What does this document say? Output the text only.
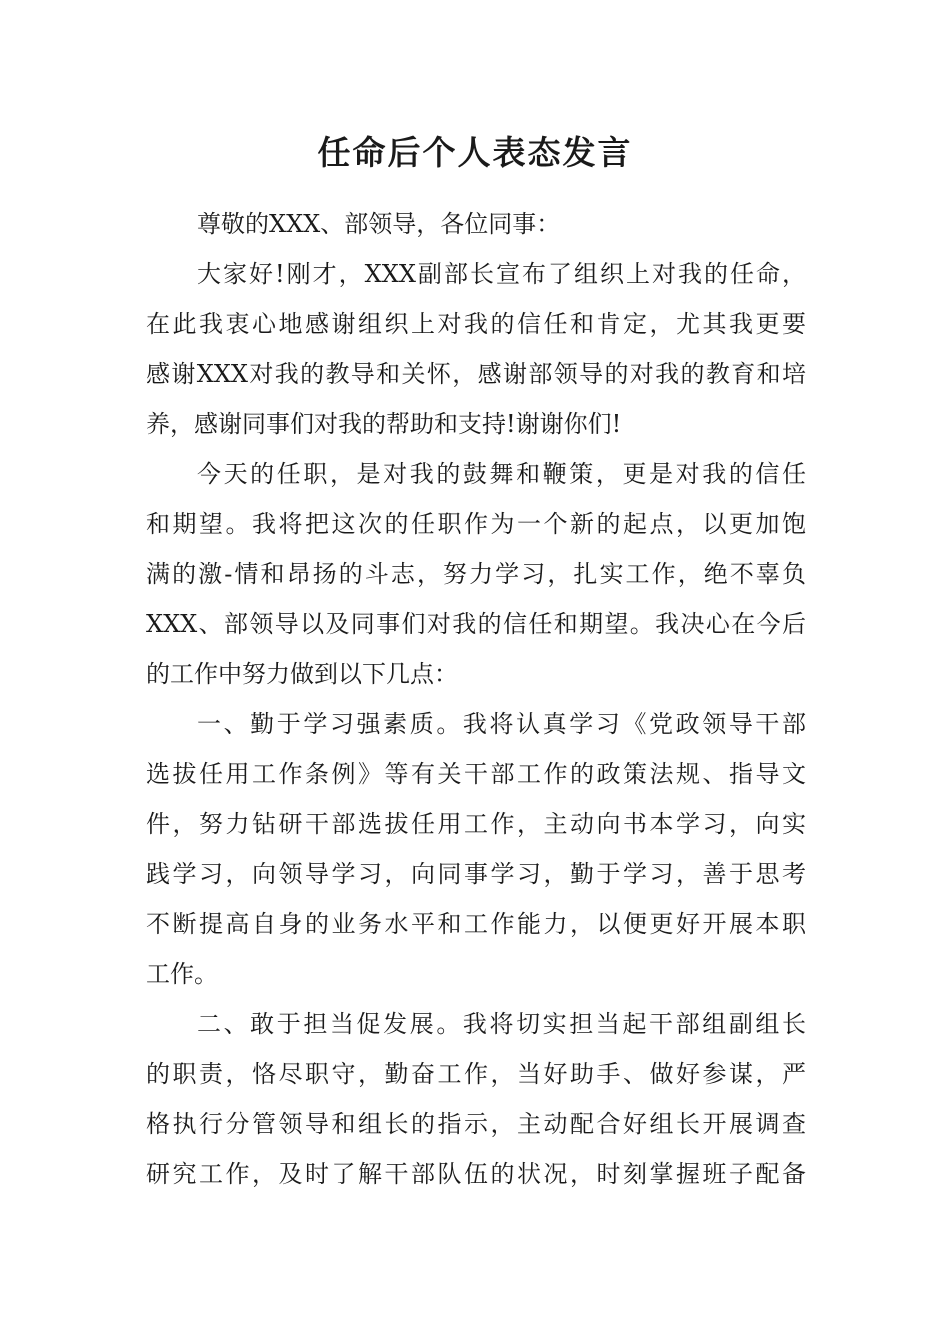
任命后个人表态发言
尊敬的XXX、部领导，各位同事：
大家好!刚才，XXX副部长宣布了组织上对我的任命，
在此我衷心地感谢组织上对我的信任和肯定，尤其我更要
感谢XXX对我的教导和关怀，感谢部领导的对我的教育和培
养，感谢同事们对我的帮助和支持!谢谢你们!
今天的任职，是对我的鼓舞和鞭策，更是对我的信任
和期望。我将把这次的任职作为一个新的起点，以更加饱
满的激-情和昂扬的斗志，努力学习，扎实工作，绝不辜负
XXX、部领导以及同事们对我的信任和期望。我决心在今后
的工作中努力做到以下几点：
一、勤于学习强素质。我将认真学习《党政领导干部
选拔任用工作条例》等有关干部工作的政策法规、指导文
件，努力钻研干部选拔任用工作，主动向书本学习，向实
践学习，向领导学习，向同事学习，勤于学习，善于思考
不断提高自身的业务水平和工作能力，以便更好开展本职
工作。
二、敢于担当促发展。我将切实担当起干部组副组长
的职责，恪尽职守，勤奋工作，当好助手、做好参谋，严
格执行分管领导和组长的指示，主动配合好组长开展调查
研究工作，及时了解干部队伍的状况，时刻掌握班子配备
